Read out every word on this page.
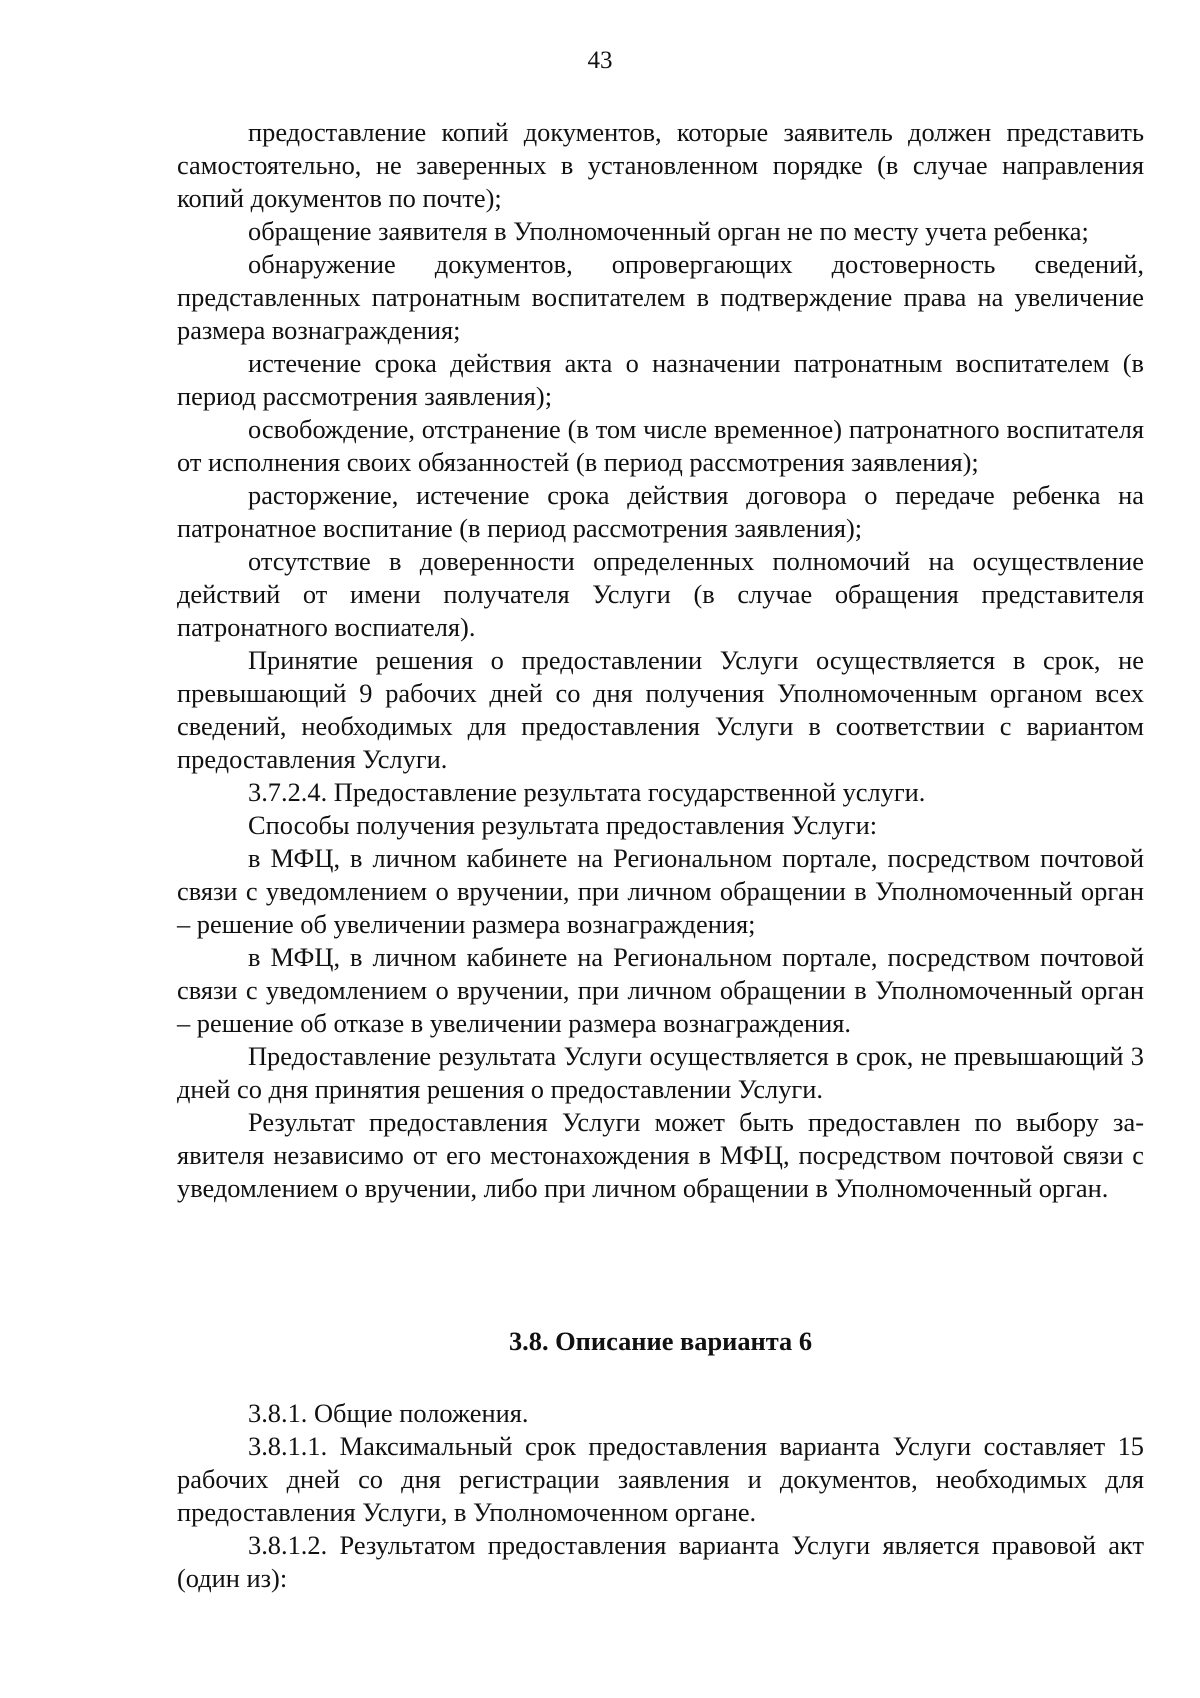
43

предоставление копий документов, которые заявитель должен представить самостоятельно, не заверенных в установленном порядке (в случае направления копий документов по почте);

обращение заявителя в Уполномоченный орган не по месту учета ребенка;

обнаружение документов, опровергающих достоверность сведений, представленных патронатным воспитателем в подтверждение права на увеличение размера вознаграждения;

истечение срока действия акта о назначении патронатным воспитателем (в период рассмотрения заявления);

освобождение, отстранение (в том числе временное) патронатного воспитателя от исполнения своих обязанностей (в период рассмотрения заявления);

расторжение, истечение срока действия договора о передаче ребенка на патронатное воспитание (в период рассмотрения заявления);

отсутствие в доверенности определенных полномочий на осуществление действий от имени получателя Услуги (в случае обращения представителя патронатного воспиателя).

Принятие решения о предоставлении Услуги осуществляется в срок, не превышающий 9 рабочих дней со дня получения Уполномоченным органом всех сведений, необходимых для предоставления Услуги в соответствии с вариантом предоставления Услуги.

3.7.2.4. Предоставление результата государственной услуги.

Способы получения результата предоставления Услуги:

в МФЦ, в личном кабинете на Региональном портале, посредством почтовой связи с уведомлением о вручении, при личном обращении в Уполномоченный орган – решение об увеличении размера вознаграждения;

в МФЦ, в личном кабинете на Региональном портале, посредством почтовой связи с уведомлением о вручении, при личном обращении в Уполномоченный орган – решение об отказе в увеличении размера вознаграждения.

Предоставление результата Услуги осуществляется в срок, не превышающий 3 дней со дня принятия решения о предоставлении Услуги.

Результат предоставления Услуги может быть предоставлен по выбору заявителя независимо от его местонахождения в МФЦ, посредством почтовой связи с уведомлением о вручении, либо при личном обращении в Уполномоченный орган.

3.8. Описание варианта 6

3.8.1. Общие положения.

3.8.1.1. Максимальный срок предоставления варианта Услуги составляет 15 рабочих дней со дня регистрации заявления и документов, необходимых для предоставления Услуги, в Уполномоченном органе.

3.8.1.2. Результатом предоставления варианта Услуги является правовой акт (один из):
